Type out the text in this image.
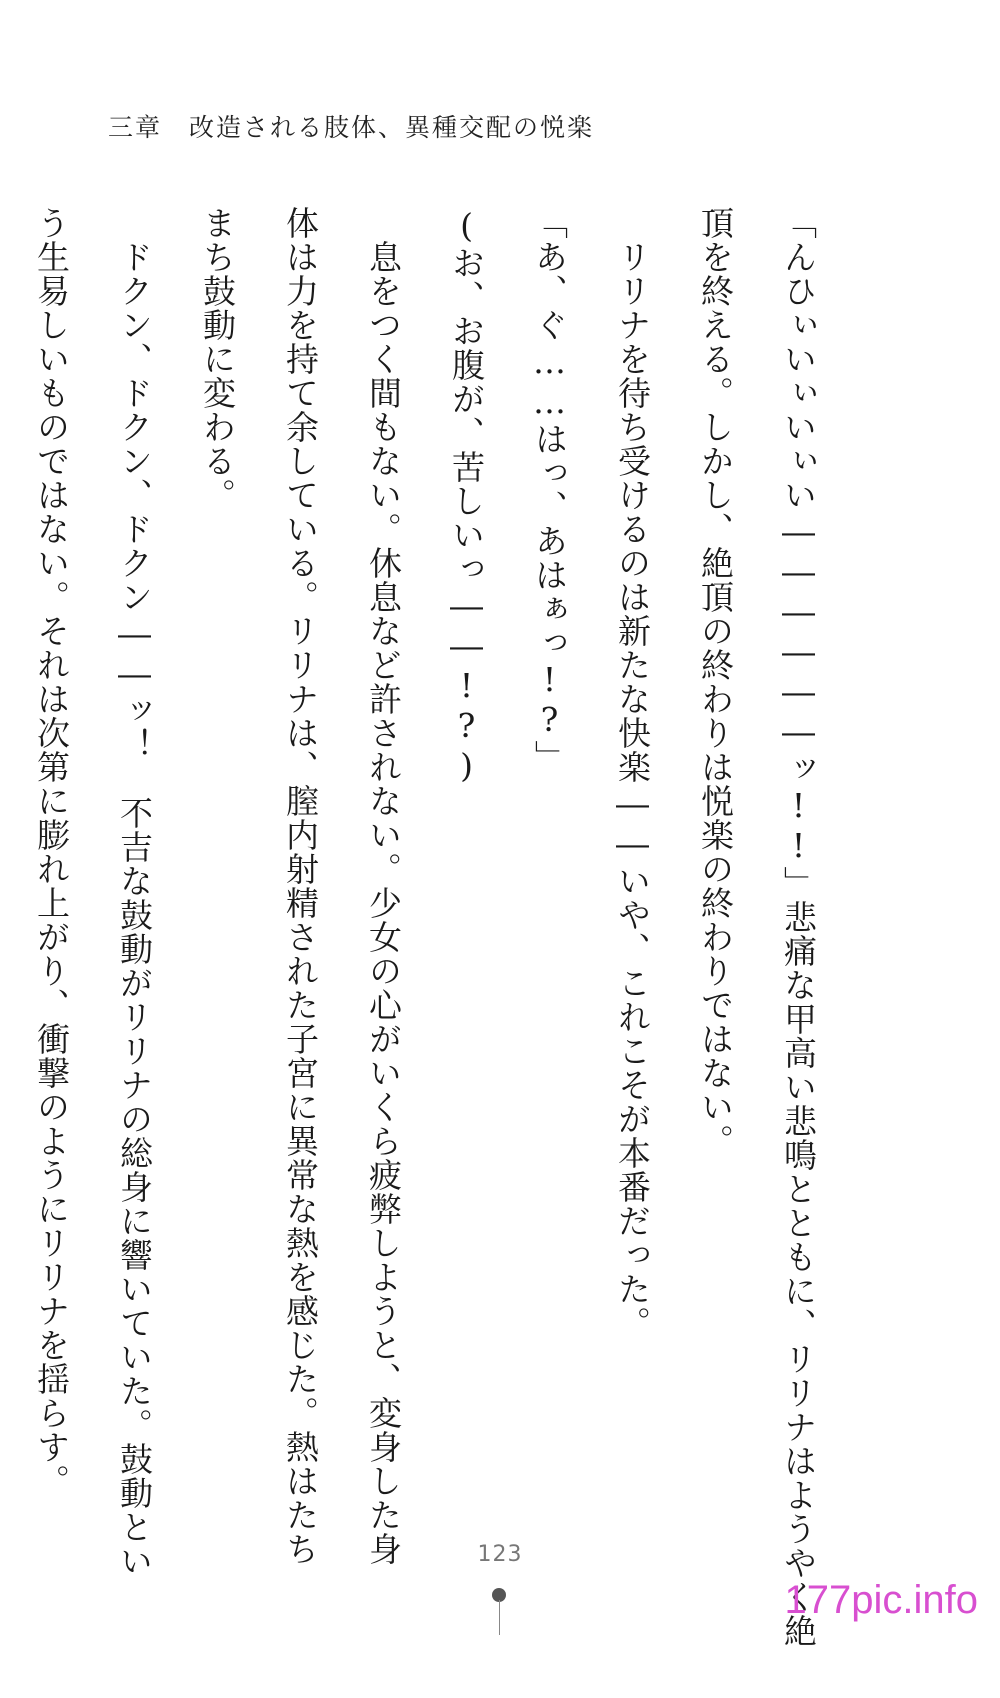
三章　改造される肢体、異種交配の悦楽
「んひぃいぃいぃい――――――ッ!!」悲痛な甲高い悲鳴とともに、リリナはようやく絶
頂を終える。しかし、絶頂の終わりは悦楽の終わりではない。
　リリナを待ち受けるのは新たな快楽――いや、これこそが本番だった。
「あ、ぐ……はっ、あはぁっ!?」
(お、お腹が、苦しいっ――!?)
　息をつく間もない。休息など許されない。少女の心がいくら疲弊しようと、変身した身
体は力を持て余している。リリナは、膣内射精された子宮に異常な熱を感じた。熱はたち
まち鼓動に変わる。
　ドクン、ドクン、ドクン――ッ！　不吉な鼓動がリリナの総身に響いていた。鼓動とい
う生易しいものではない。それは次第に膨れ上がり、衝撃のようにリリナを揺らす。
123
177pic.info
